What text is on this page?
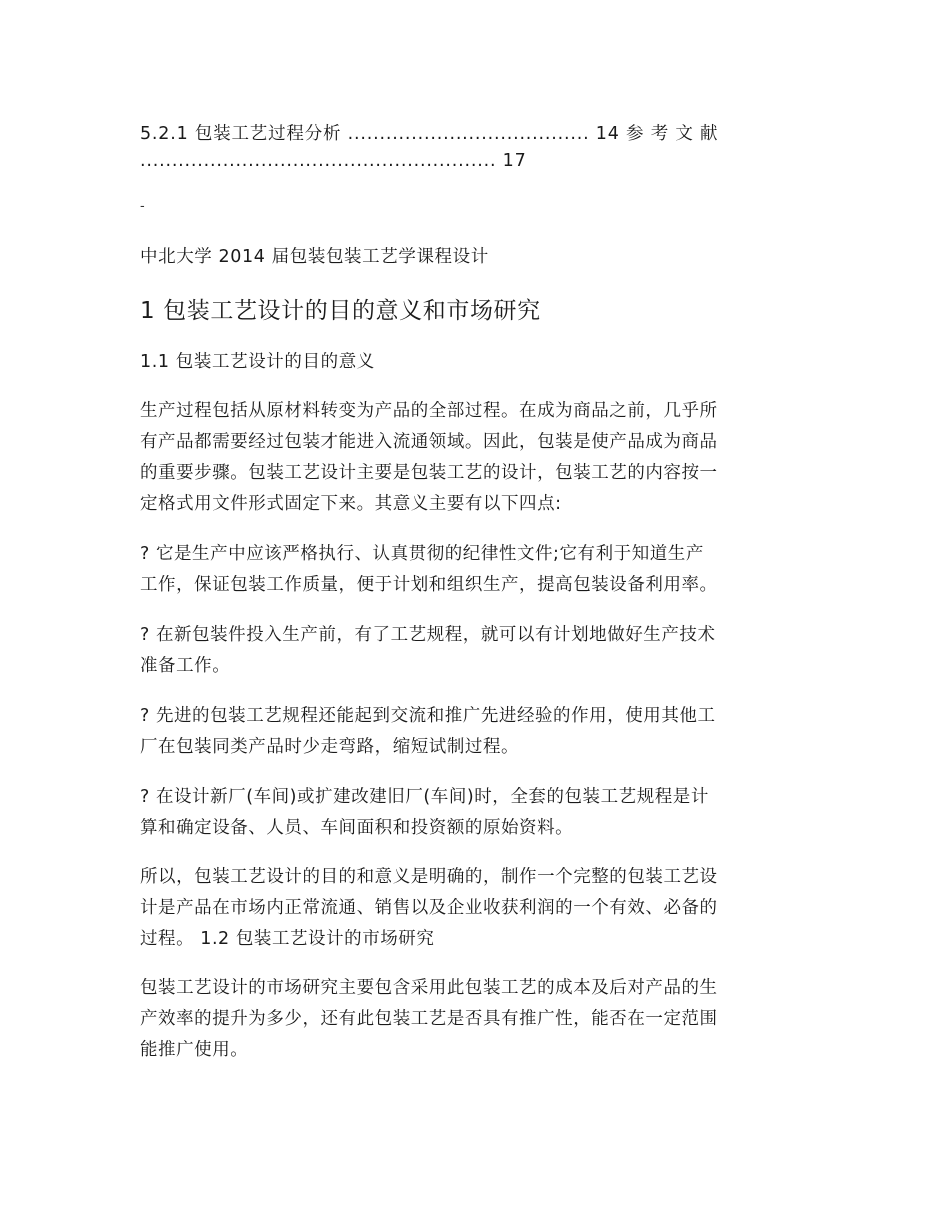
5.2.1 包装工艺过程分析 ...................................... 14 参 考 文 献
........................................................ 17
-
中北大学 2014 届包装包装工艺学课程设计
1 包装工艺设计的目的意义和市场研究
1.1 包装工艺设计的目的意义
生产过程包括从原材料转变为产品的全部过程。在成为商品之前，几乎所
有产品都需要经过包装才能进入流通领域。因此，包装是使产品成为商品
的重要步骤。包装工艺设计主要是包装工艺的设计，包装工艺的内容按一
定格式用文件形式固定下来。其意义主要有以下四点:
? 它是生产中应该严格执行、认真贯彻的纪律性文件;它有利于知道生产
工作，保证包装工作质量，便于计划和组织生产，提高包装设备利用率。
? 在新包装件投入生产前，有了工艺规程，就可以有计划地做好生产技术
准备工作。
? 先进的包装工艺规程还能起到交流和推广先进经验的作用，使用其他工
厂在包装同类产品时少走弯路，缩短试制过程。
? 在设计新厂(车间)或扩建改建旧厂(车间)时，全套的包装工艺规程是计
算和确定设备、人员、车间面积和投资额的原始资料。
所以，包装工艺设计的目的和意义是明确的，制作一个完整的包装工艺设
计是产品在市场内正常流通、销售以及企业收获利润的一个有效、必备的
过程。 1.2 包装工艺设计的市场研究
包装工艺设计的市场研究主要包含采用此包装工艺的成本及后对产品的生
产效率的提升为多少，还有此包装工艺是否具有推广性，能否在一定范围
能推广使用。
